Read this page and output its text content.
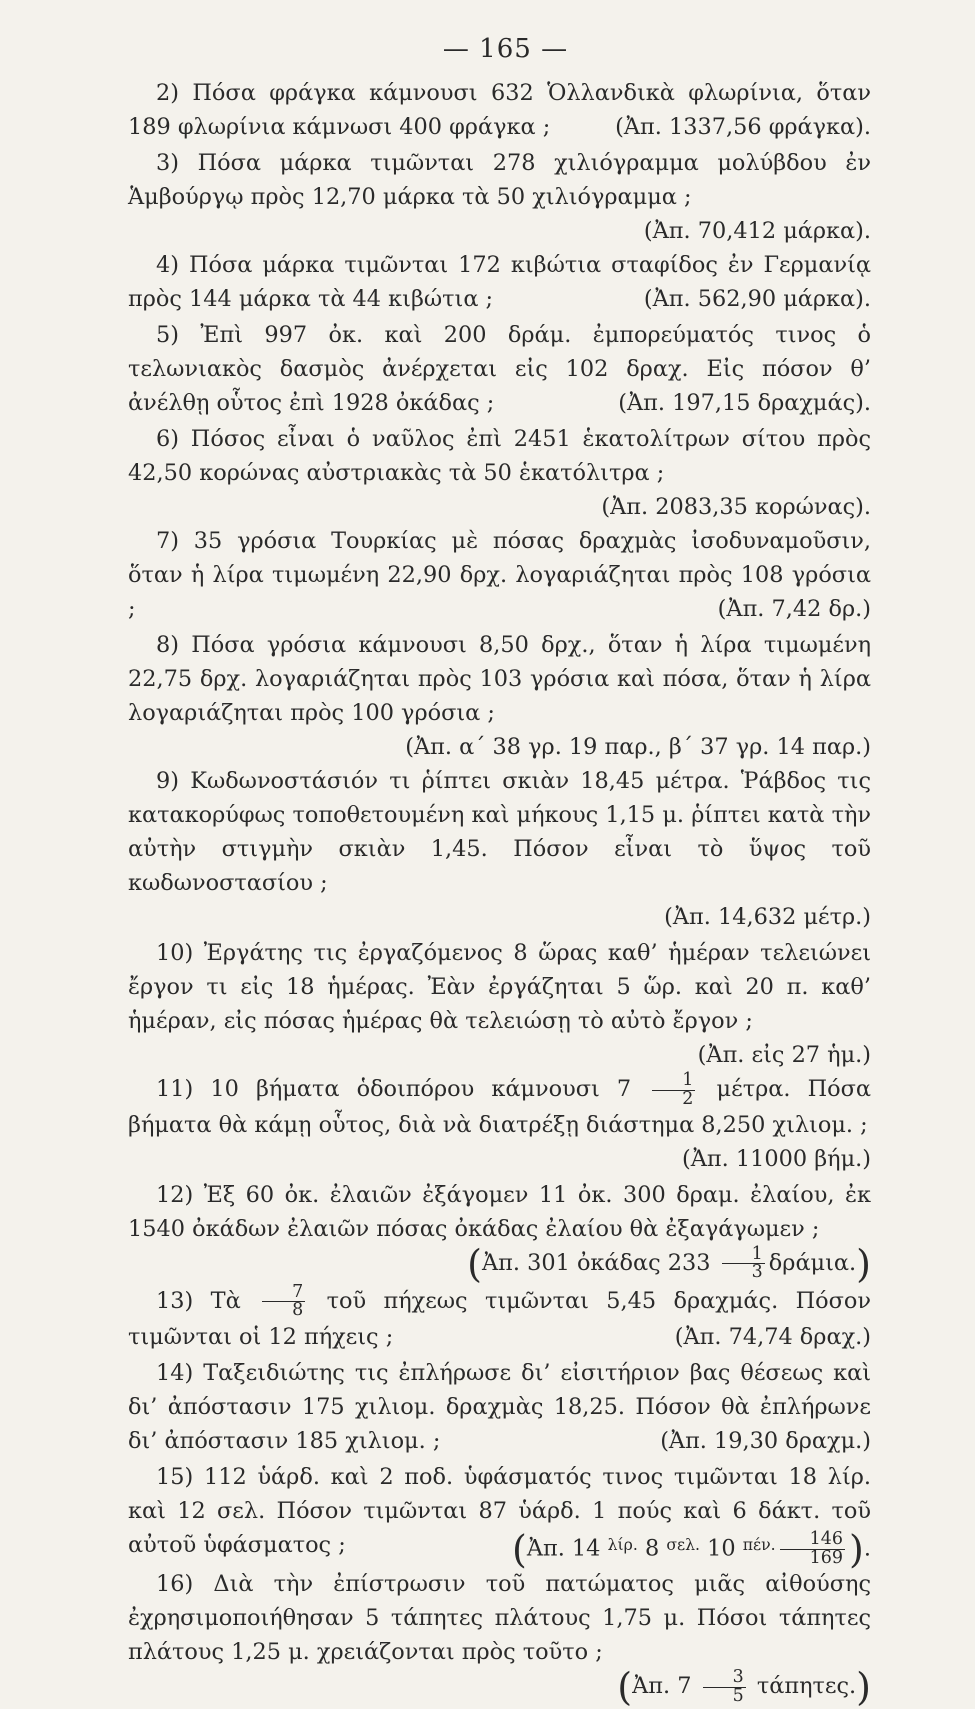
— 165 —

2) Πόσα φράγκα κάμνουσι 632 Ὁλλανδικὰ φλωρίνια, ὅταν 189 φλωρίνια κάμνωσι 400 φράγκα ;	(Ἀπ. 1337,56 φράγκα).

3) Πόσα μάρκα τιμῶνται 278 χιλιόγραμμα μολύβδου ἐν Ἁμβούργῳ πρὸς 12,70 μάρκα τὰ 50 χιλιόγραμμα ;
(Ἀπ. 70,412 μάρκα).

4) Πόσα μάρκα τιμῶνται 172 κιβώτια σταφίδος ἐν Γερμανίᾳ πρὸς 144 μάρκα τὰ 44 κιβώτια ;	(Ἀπ. 562,90 μάρκα).

5) Ἐπὶ 997 ὀκ. καὶ 200 δράμ. ἐμπορεύματός τινος ὁ τελωνιακὸς δασμὸς ἀνέρχεται εἰς 102 δραχ. Εἰς πόσον θ’ ἀνέλθῃ οὗτος ἐπὶ 1928 ὀκάδας ;	(Ἀπ. 197,15 δραχμάς).

6) Πόσος εἶναι ὁ ναῦλος ἐπὶ 2451 ἑκατολίτρων σίτου πρὸς 42,50 κορώνας αὐστριακὰς τὰ 50 ἑκατόλιτρα ;
(Ἀπ. 2083,35 κορώνας).

7) 35 γρόσια Τουρκίας μὲ πόσας δραχμὰς ἰσοδυναμοῦσιν, ὅταν ἡ λίρα τιμωμένη 22,90 δρχ. λογαριάζηται πρὸς 108 γρόσια ;	(Ἀπ. 7,42 δρ.)

8) Πόσα γρόσια κάμνουσι 8,50 δρχ., ὅταν ἡ λίρα τιμωμένη 22,75 δρχ. λογαριάζηται πρὸς 103 γρόσια καὶ πόσα, ὅταν ἡ λίρα λογαριάζηται πρὸς 100 γρόσια ;
(Ἀπ. α΄ 38 γρ. 19 παρ., β΄ 37 γρ. 14 παρ.)

9) Κωδωνοστάσιόν τι ῥίπτει σκιὰν 18,45 μέτρα. Ῥάβδος τις κατακορύφως τοποθετουμένη καὶ μήκους 1,15 μ. ῥίπτει κατὰ τὴν αὐτὴν στιγμὴν σκιὰν 1,45. Πόσον εἶναι τὸ ὕψος τοῦ κωδωνοστασίου ;
(Ἀπ. 14,632 μέτρ.)

10) Ἐργάτης τις ἐργαζόμενος 8 ὥρας καθ’ ἡμέραν τελειώνει ἔργον τι εἰς 18 ἡμέρας. Ἐὰν ἐργάζηται 5 ὥρ. καὶ 20 π. καθ’ ἡμέραν, εἰς πόσας ἡμέρας θὰ τελειώσῃ τὸ αὐτὸ ἔργον ;
(Ἀπ. εἰς 27 ἡμ.)

11) 10 βήματα ὁδοιπόρου κάμνουσι $7 \frac{1}{2} \mu έ\tau\rho\alpha$. Πόσα βήματα θὰ κάμῃ οὗτος, διὰ νὰ διατρέξῃ διάστημα 8,250 χιλιομ. ;
(Ἀπ. 11000 βήμ.)

12) Ἐξ 60 ὀκ. ἐλαιῶν ἐξάγομεν 11 ὀκ. 300 δραμ. ἐλαίου, ἐκ 1540 ὀκάδων ἐλαιῶν πόσας ὀκάδας ἐλαίου θὰ ἐξαγάγωμεν ;
(Ἀπ. 301 ὀκάδας $233 \frac{1}{3} \delta\rho ά\mu\iota\alpha$.)

13) Τὰ $\frac{7}{8}$ τοῦ πήχεως τιμῶνται 5,45 δραχμάς. Πόσον τιμῶνται οἱ 12 πήχεις ;	(Ἀπ. 74,74 δραχ.)

14) Ταξειδιώτης τις ἐπλήρωσε δι’ εἰσιτήριον βας θέσεως καὶ δι’ ἀπόστασιν 175 χιλιομ. δραχμὰς 18,25. Πόσον θὰ ἐπλήρωνε δι’ ἀπόστασιν 185 χιλιομ. ;	(Ἀπ. 19,30 δραχμ.)

15) 112 ὑάρδ. καὶ 2 ποδ. ὑφάσματός τινος τιμῶνται 18 λίρ. καὶ 12 σελ. Πόσον τιμῶνται 87 ὑάρδ. 1 πούς καὶ 6 δάκτ. τοῦ αὐτοῦ ὑφάσματος ;	(Ἀπ. 14 $^{\lambda ί\rho.}$ 8 $^{\sigma\varepsilon\lambda.}$ 10 $^{\pi έ\nu.} \frac{146}{169}$ ).

16) Διὰ τὴν ἐπίστρωσιν τοῦ πατώματος μιᾶς αἰθούσης ἐχρησιμοποιήθησαν 5 τάπητες πλάτους 1,75 μ. Πόσοι τάπητες πλάτους 1,25 μ. χρειάζονται πρὸς τοῦτο ;
(Ἀπ. $7 \frac{3}{5} \tau ά\pi\eta\tau\varepsilon\varsigma$.)
